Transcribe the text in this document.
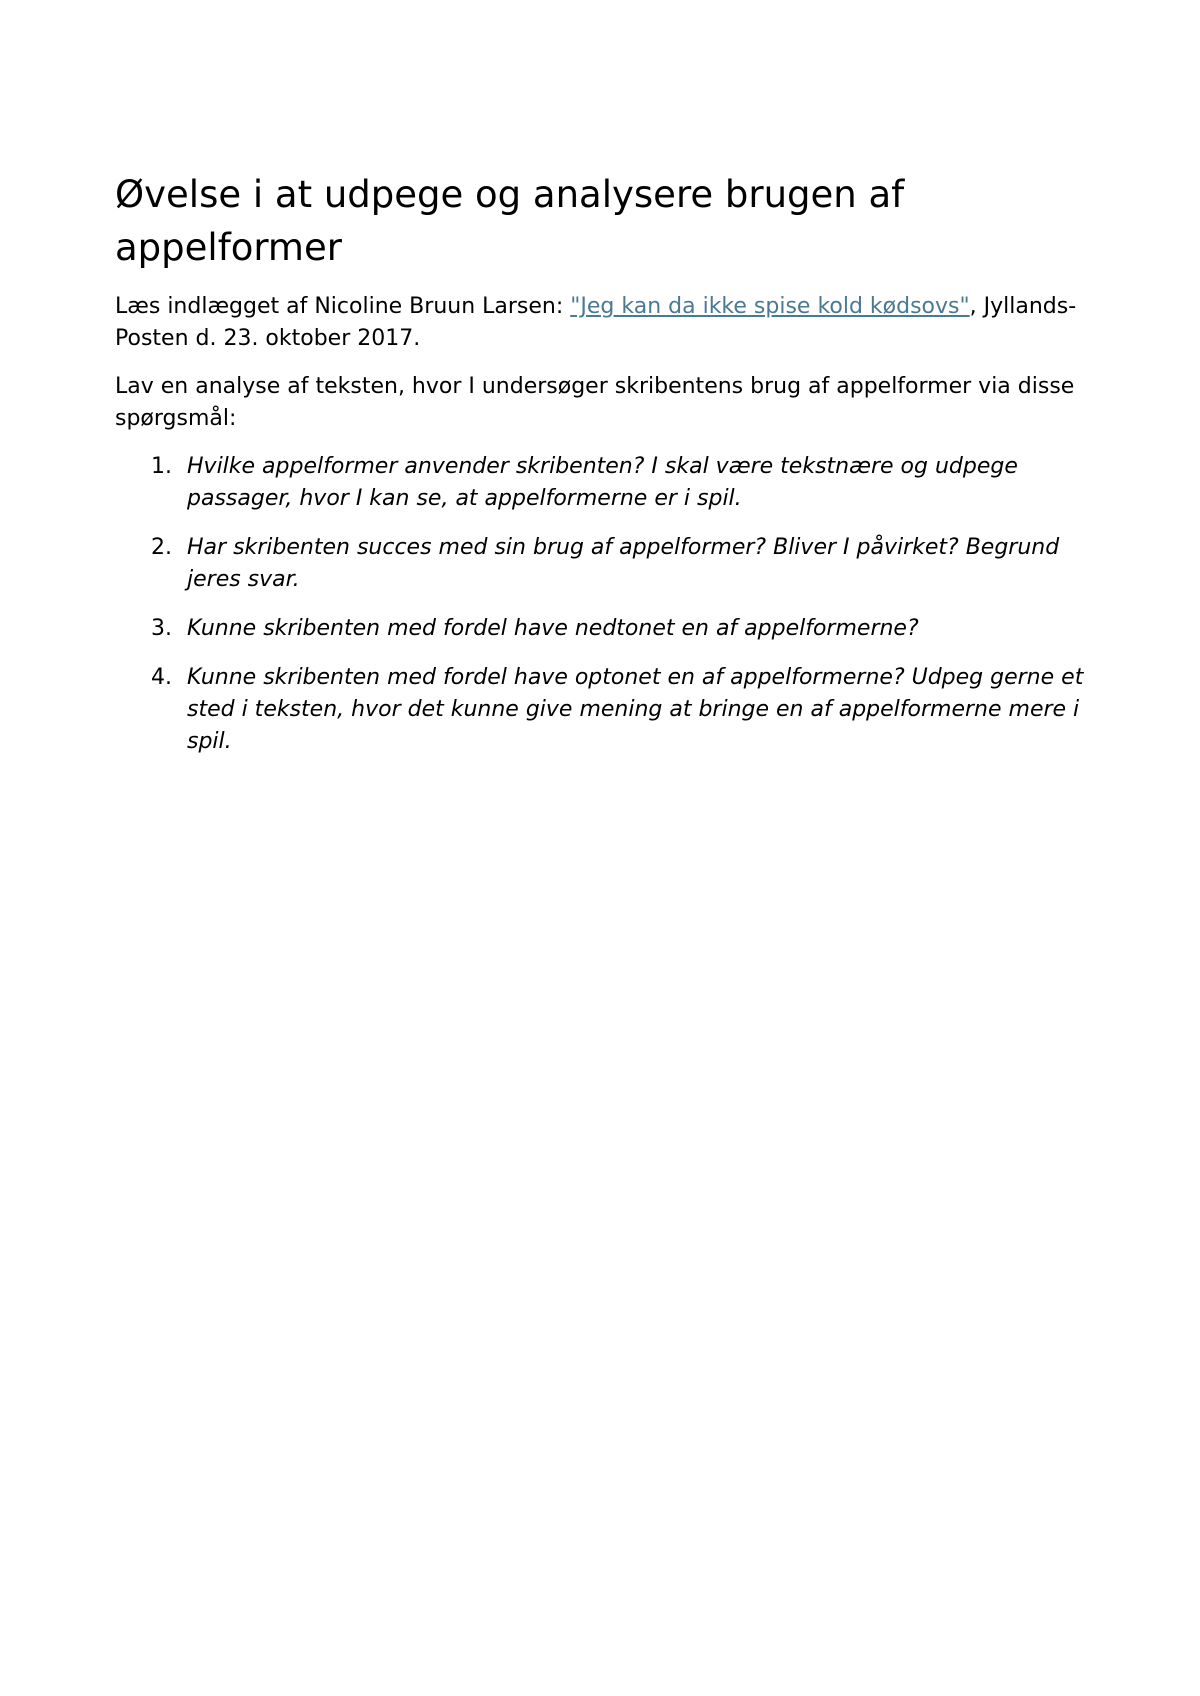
Øvelse i at udpege og analysere brugen af appelformer

Læs indlægget af Nicoline Bruun Larsen: "Jeg kan da ikke spise kold kødsovs", Jyllands-Posten d. 23. oktober 2017.

Lav en analyse af teksten, hvor I undersøger skribentens brug af appelformer via disse spørgsmål:

1. Hvilke appelformer anvender skribenten? I skal være tekstnære og udpege passager, hvor I kan se, at appelformerne er i spil.
2. Har skribenten succes med sin brug af appelformer? Bliver I påvirket? Begrund jeres svar.
3. Kunne skribenten med fordel have nedtonet en af appelformerne?
4. Kunne skribenten med fordel have optonet en af appelformerne? Udpeg gerne et sted i teksten, hvor det kunne give mening at bringe en af appelformerne mere i spil.
